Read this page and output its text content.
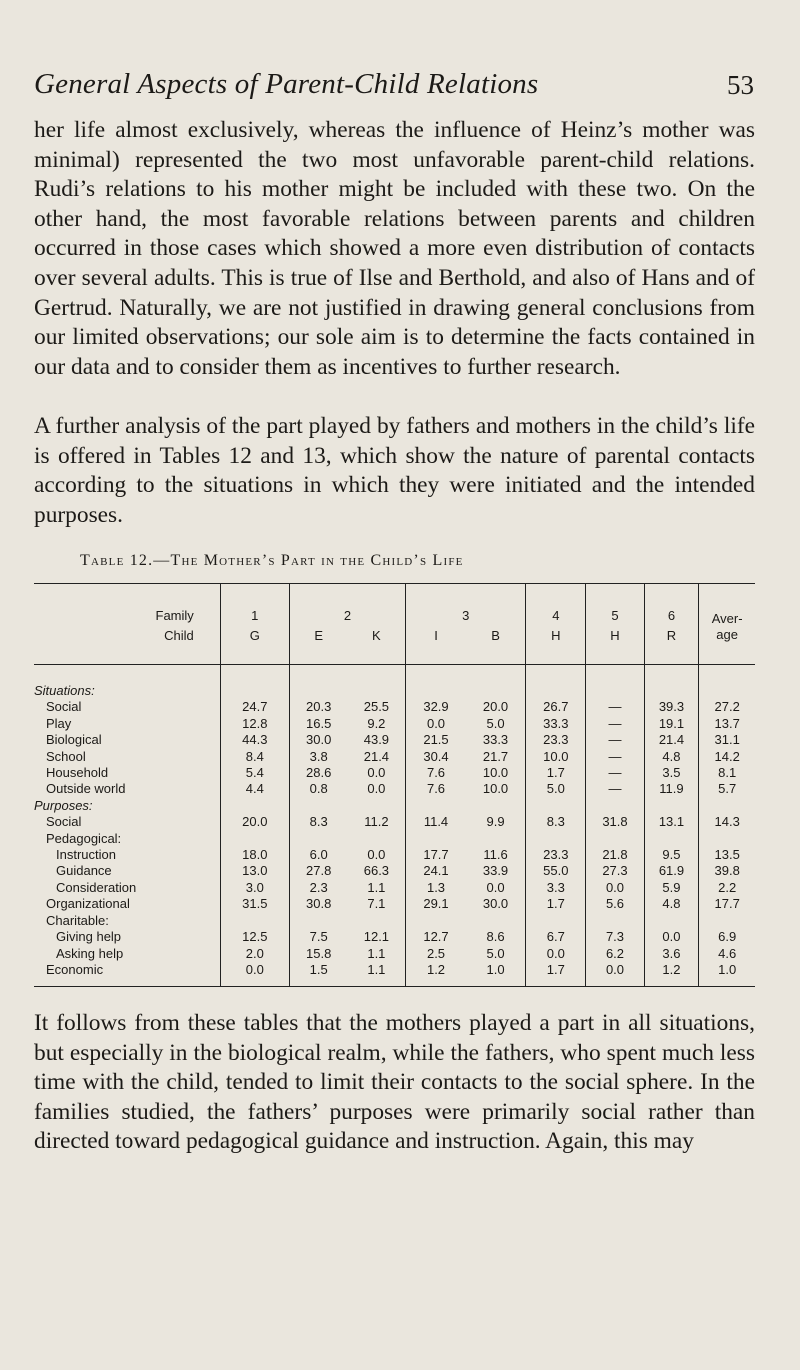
General Aspects of Parent-Child Relations	53

her life almost exclusively, whereas the influence of Heinz’s mother was minimal) represented the two most unfavorable parent-child relations. Rudi’s relations to his mother might be included with these two. On the other hand, the most favorable relations between parents and children occurred in those cases which showed a more even distribution of contacts over several adults. This is true of Ilse and Berthold, and also of Hans and of Gertrud. Naturally, we are not justified in drawing general conclusions from our limited observations; our sole aim is to determine the facts contained in our data and to consider them as incentives to further research.

A further analysis of the part played by fathers and mothers in the child’s life is offered in Tables 12 and 13, which show the nature of parental contacts according to the situations in which they were initiated and the intended purposes.

Table 12.—The Mother’s Part in the Child’s Life
Family	1	2		3		4	5	6	Aver-
age
Child	G	E	K	I	B	H	H	R	

Situations:									
Social	24.7	20.3	25.5	32.9	20.0	26.7	—	39.3	27.2
Play	12.8	16.5	9.2	0.0	5.0	33.3	—	19.1	13.7
Biological	44.3	30.0	43.9	21.5	33.3	23.3	—	21.4	31.1
School	8.4	3.8	21.4	30.4	21.7	10.0	—	4.8	14.2
Household	5.4	28.6	0.0	7.6	10.0	1.7	—	3.5	8.1
Outside world	4.4	0.8	0.0	7.6	10.0	5.0	—	11.9	5.7
Purposes:									
Social	20.0	8.3	11.2	11.4	9.9	8.3	31.8	13.1	14.3
Pedagogical:									
Instruction	18.0	6.0	0.0	17.7	11.6	23.3	21.8	9.5	13.5
Guidance	13.0	27.8	66.3	24.1	33.9	55.0	27.3	61.9	39.8
Consideration	3.0	2.3	1.1	1.3	0.0	3.3	0.0	5.9	2.2
Organizational	31.5	30.8	7.1	29.1	30.0	1.7	5.6	4.8	17.7
Charitable:									
Giving help	12.5	7.5	12.1	12.7	8.6	6.7	7.3	0.0	6.9
Asking help	2.0	15.8	1.1	2.5	5.0	0.0	6.2	3.6	4.6
Economic	0.0	1.5	1.1	1.2	1.0	1.7	0.0	1.2	1.0

It follows from these tables that the mothers played a part in all situations, but especially in the biological realm, while the fathers, who spent much less time with the child, tended to limit their contacts to the social sphere. In the families studied, the fathers’ purposes were primarily social rather than directed toward pedagogical guidance and instruction. Again, this may
